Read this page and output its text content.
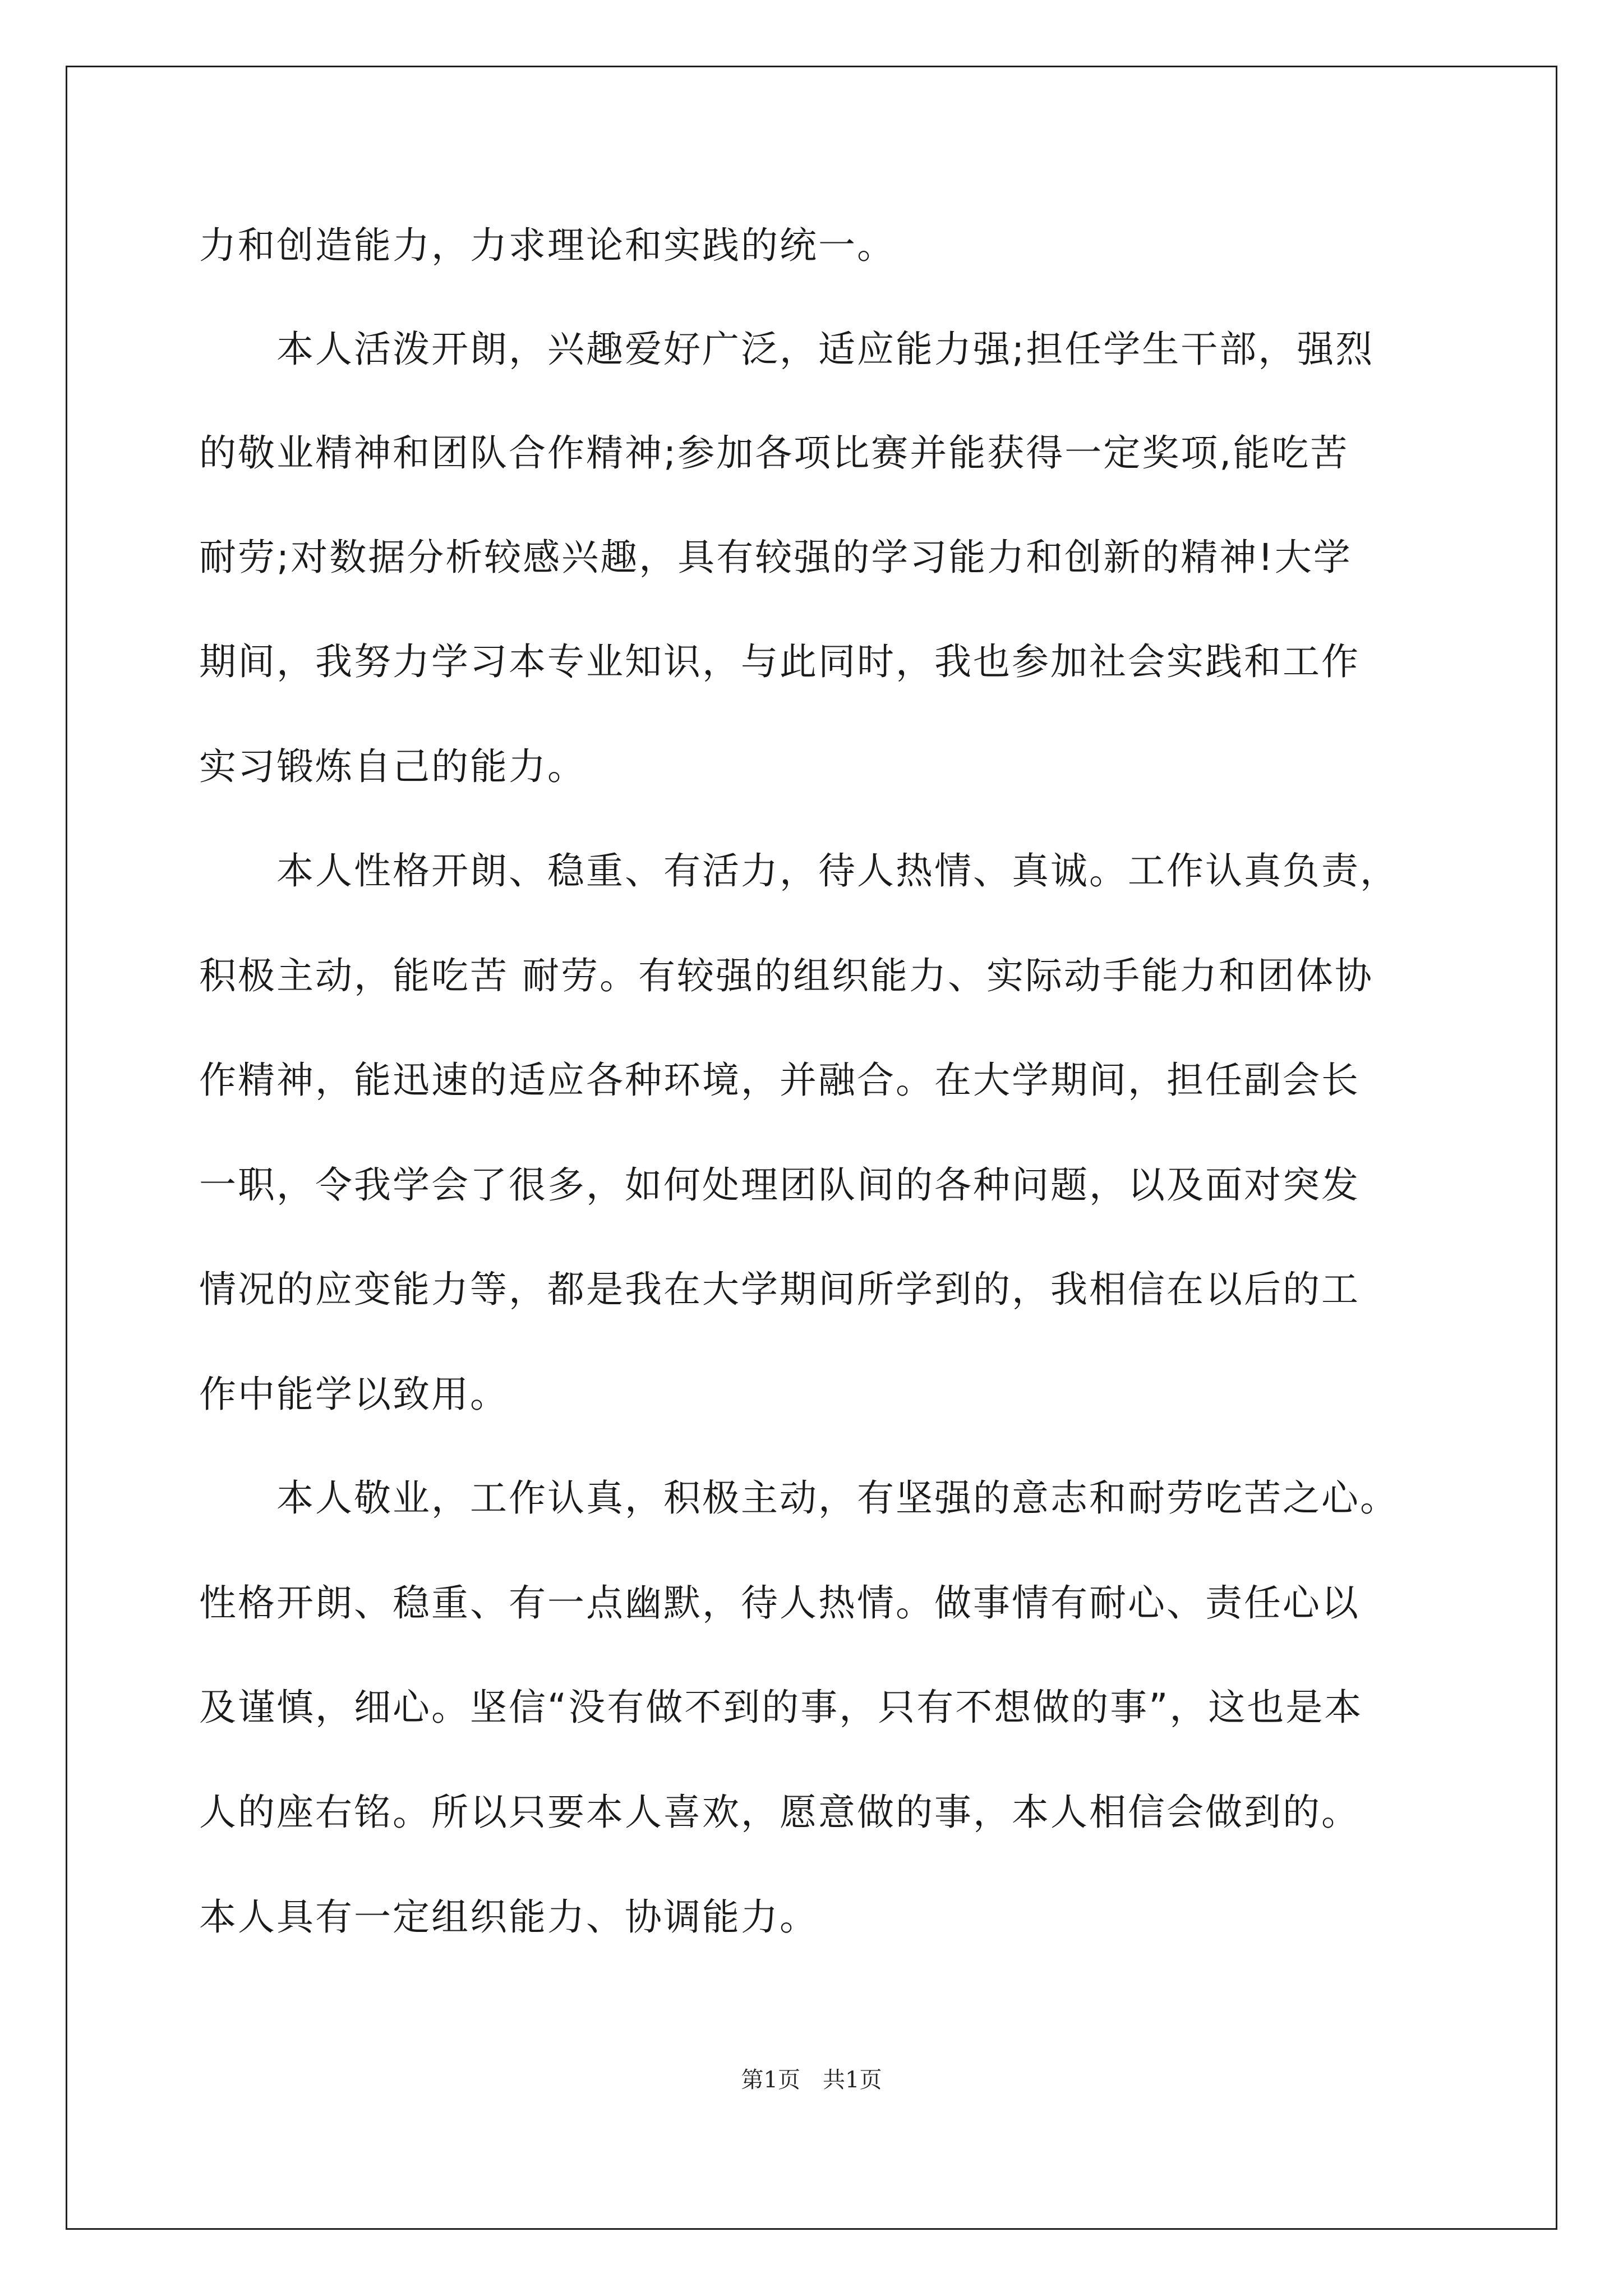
力和创造能力，力求理论和实践的统一。
　　本人活泼开朗，兴趣爱好广泛，适应能力强;担任学生干部，强烈
的敬业精神和团队合作精神;参加各项比赛并能获得一定奖项,能吃苦
耐劳;对数据分析较感兴趣，具有较强的学习能力和创新的精神!大学
期间，我努力学习本专业知识，与此同时，我也参加社会实践和工作
实习锻炼自己的能力。
　　本人性格开朗、稳重、有活力，待人热情、真诚。工作认真负责，
积极主动，能吃苦 耐劳。有较强的组织能力、实际动手能力和团体协
作精神，能迅速的适应各种环境，并融合。在大学期间，担任副会长
一职，令我学会了很多，如何处理团队间的各种问题，以及面对突发
情况的应变能力等，都是我在大学期间所学到的，我相信在以后的工
作中能学以致用。
　　本人敬业，工作认真，积极主动，有坚强的意志和耐劳吃苦之心。
性格开朗、稳重、有一点幽默，待人热情。做事情有耐心、责任心以
及谨慎，细心。坚信“没有做不到的事，只有不想做的事”，这也是本
人的座右铭。所以只要本人喜欢，愿意做的事，本人相信会做到的。
本人具有一定组织能力、协调能力。
第1页　共1页
